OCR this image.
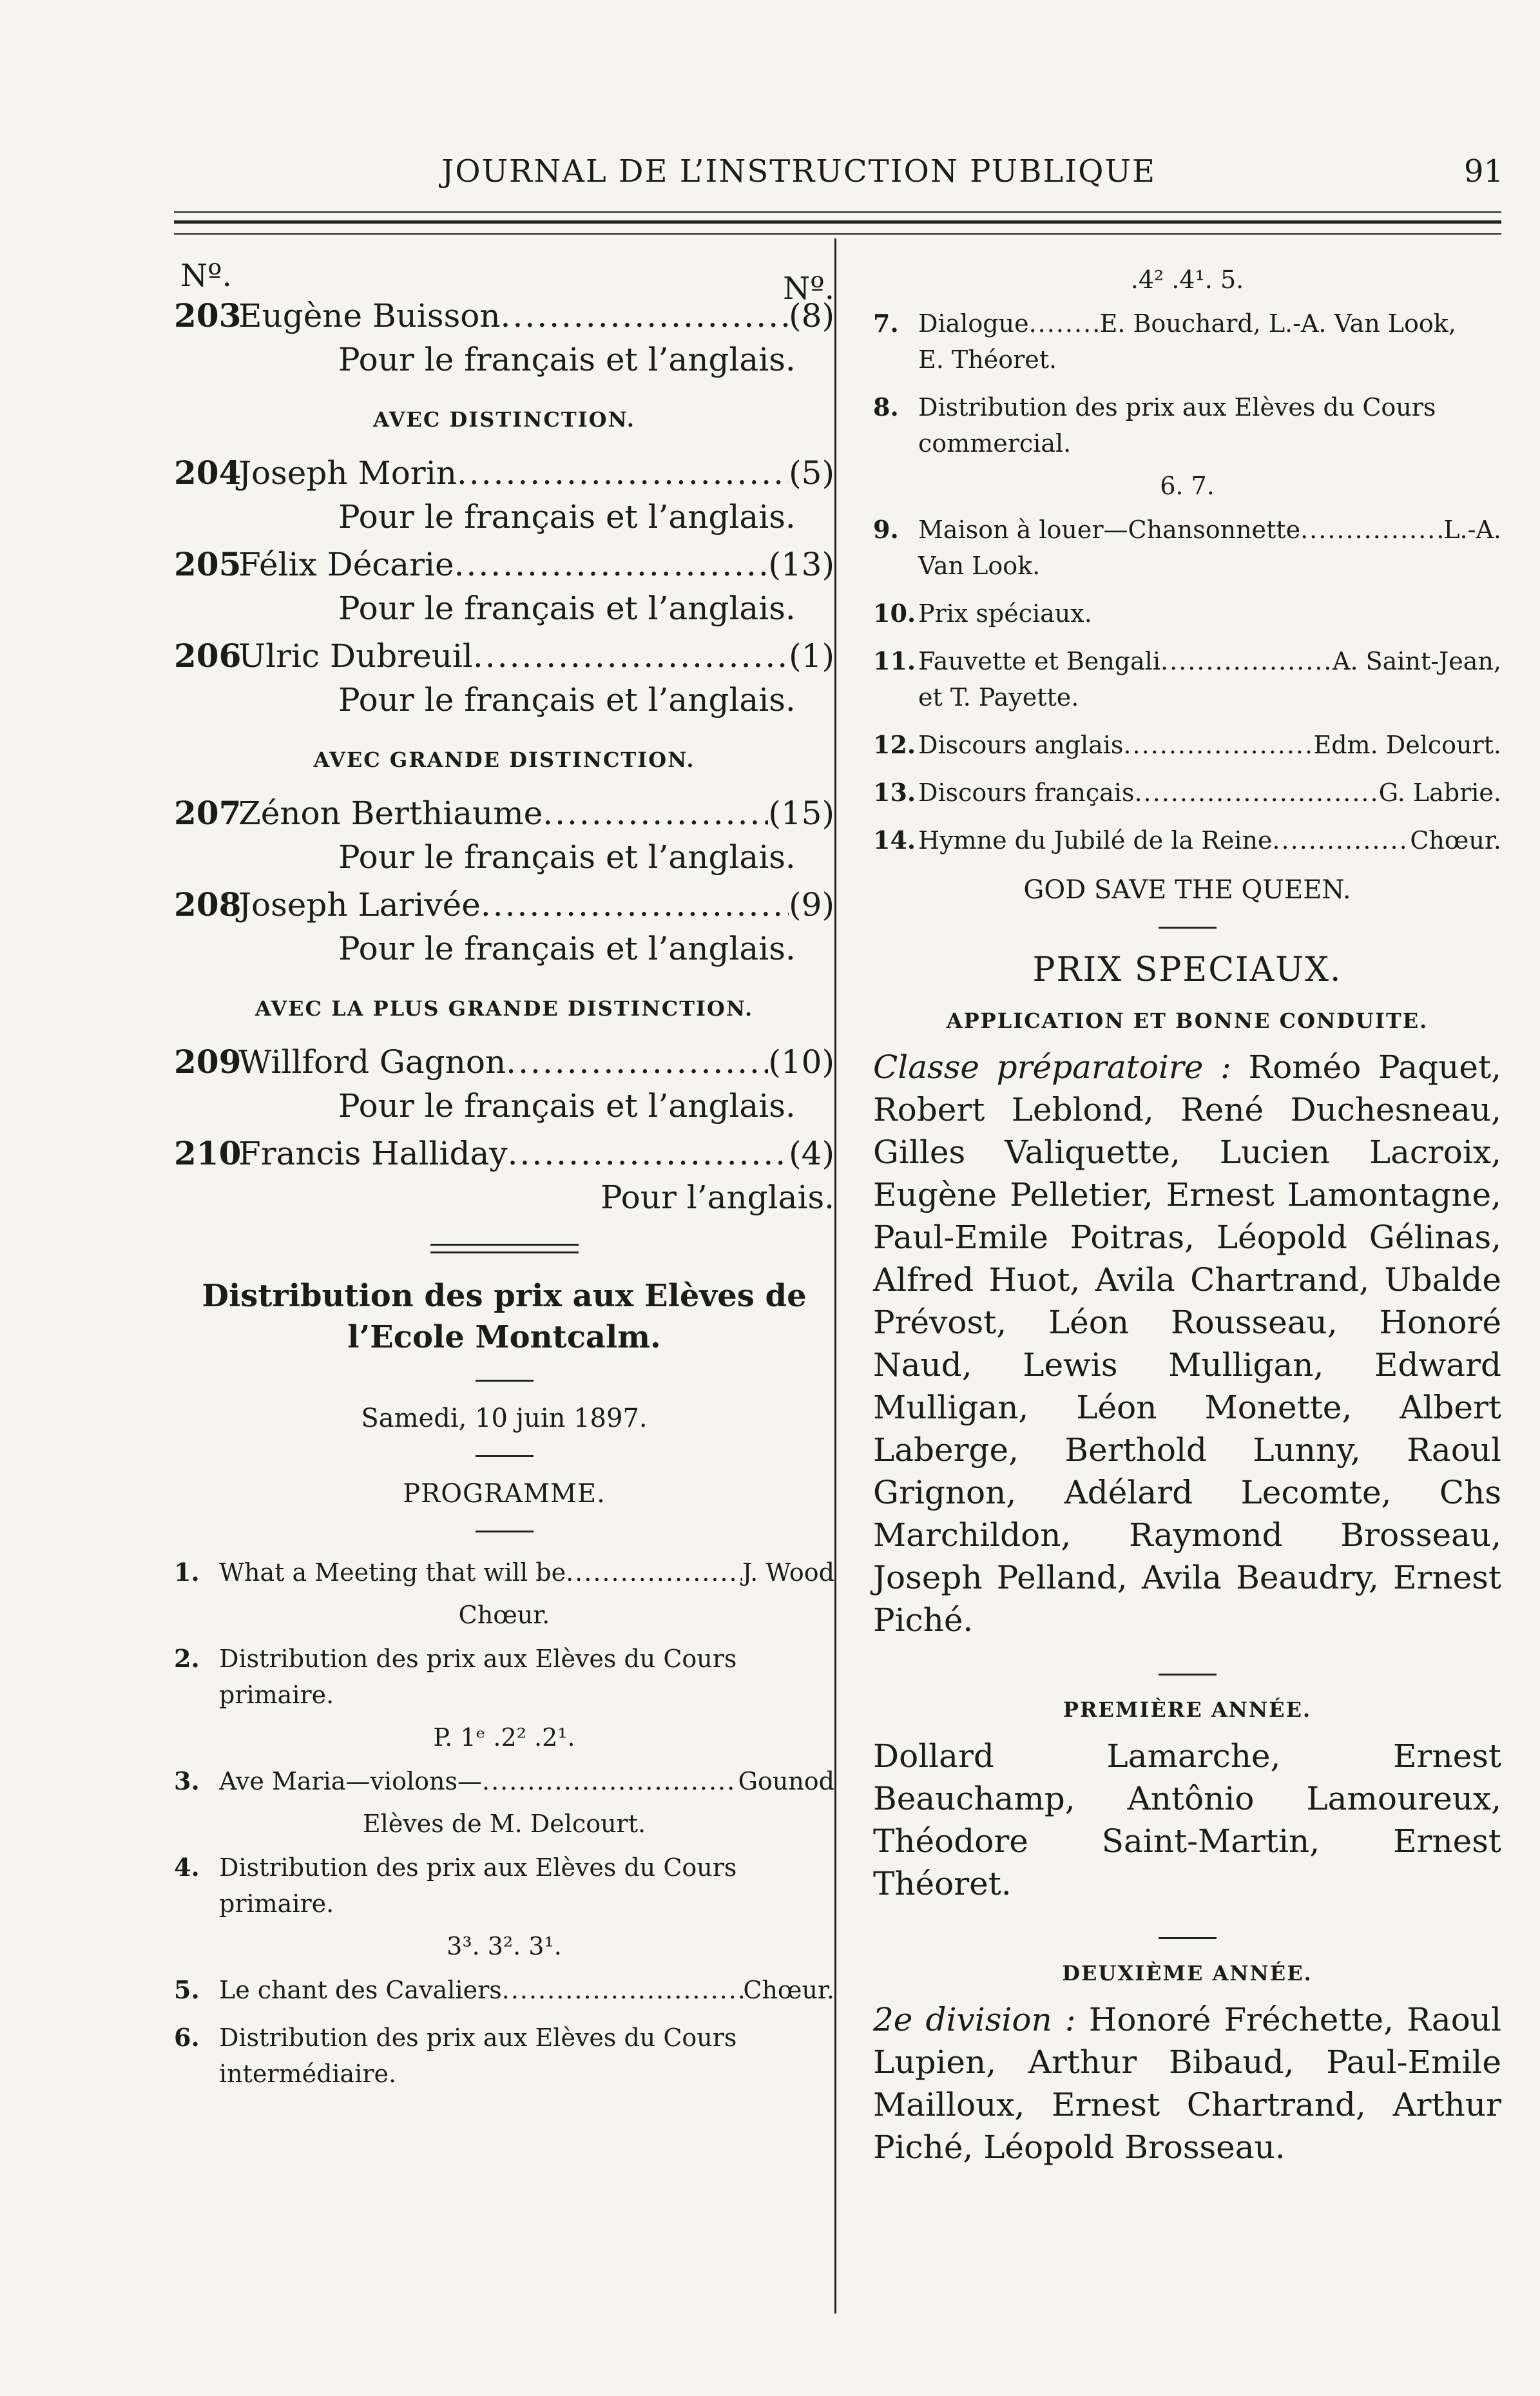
JOURNAL DE L’INSTRUCTION PUBLIQUE	91
Nº.	Nº.
203
Eugène Buisson .....	(8)
Pour le français et l’anglais.
AVEC DISTINCTION.
204
Joseph Morin .....	(5)
Pour le français et l’anglais.
205
Félix Décarie .....	(13)
Pour le français et l’anglais.
206
Ulric Dubreuil .....	(1)
Pour le français et l’anglais.
AVEC GRANDE DISTINCTION.
207
Zénon Berthiaume .....	(15)
Pour le français et l’anglais.
208
Joseph Larivée .....	(9)
Pour le français et l’anglais.
AVEC LA PLUS GRANDE DISTINCTION.
209
Willford Gagnon .....	(10)
Pour le français et l’anglais.
210
Francis Halliday .....	(4)
Pour l’anglais.
Distribution des prix aux Elèves de
l’Ecole Montcalm.
Samedi, 10 juin 1897.
PROGRAMME.
1. What a Meeting that will be .....	J. Wood
Chœur.
2. Distribution des prix aux Elèves du Cours
primaire.
P. 1ᵉ .2² .2¹.
3. Ave Maria—violons— .....	Gounod
Elèves de M. Delcourt.
4. Distribution des prix aux Elèves du Cours
primaire.
3³. 3². 3¹.
5. Le chant des Cavaliers .....	Chœur.
6. Distribution des prix aux Elèves du Cours
intermédiaire.
.4² .4¹. 5.
7. Dialogue .....	E. Bouchard, L.-A. Van Look,
E. Théoret.
8. Distribution des prix aux Elèves du Cours
commercial.
6. 7.
9. Maison à louer—Chansonnette .....	L.-A.
Van Look.
10. Prix spéciaux.
11. Fauvette et Bengali .....	A. Saint-Jean,
et T. Payette.
12. Discours anglais .....	Edm. Delcourt.
13. Discours français .....	G. Labrie.
14. Hymne du Jubilé de la Reine .....	Chœur.
GOD SAVE THE QUEEN.
PRIX SPECIAUX.
APPLICATION ET BONNE CONDUITE.
Classe préparatoire : Roméo Paquet, Robert Leblond, René Duchesneau, Gilles Valiquette, Lucien Lacroix, Eugène Pelletier, Ernest Lamontagne, Paul-Emile Poitras, Léopold Gélinas, Alfred Huot, Avila Chartrand, Ubalde Prévost, Léon Rousseau, Honoré Naud, Lewis Mulligan, Edward Mulligan, Léon Monette, Albert Laberge, Berthold Lunny, Raoul Grignon, Adélard Lecomte, Chs Marchildon, Raymond Brosseau, Joseph Pelland, Avila Beaudry, Ernest Piché.
PREMIÈRE ANNÉE.
Dollard Lamarche, Ernest Beauchamp, Antônio Lamoureux, Théodore Saint-Martin, Ernest Théoret.
DEUXIÈME ANNÉE.
2e division : Honoré Fréchette, Raoul Lupien, Arthur Bibaud, Paul-Emile Mailloux, Ernest Chartrand, Arthur Piché, Léopold Brosseau.
